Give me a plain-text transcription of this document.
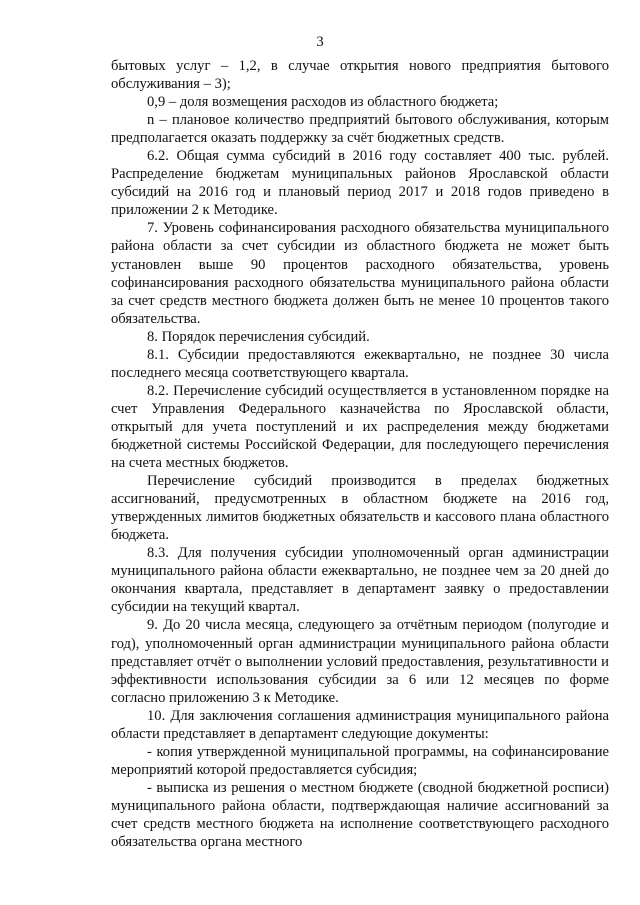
3

бытовых услуг – 1,2, в случае открытия нового предприятия бытового обслуживания – 3);

0,9 – доля возмещения расходов из областного бюджета;

n – плановое количество предприятий бытового обслуживания, которым предполагается оказать поддержку за счёт бюджетных средств.

6.2. Общая сумма субсидий в 2016 году составляет 400 тыс. рублей. Распределение бюджетам муниципальных районов Ярославской области субсидий на 2016 год и плановый период 2017 и 2018 годов приведено в приложении 2 к Методике.

7. Уровень софинансирования расходного обязательства муниципального района области за счет субсидии из областного бюджета не может быть установлен выше 90 процентов расходного обязательства, уровень софинансирования расходного обязательства муниципального района области за счет средств местного бюджета должен быть не менее 10 процентов такого обязательства.

8. Порядок перечисления субсидий.

8.1. Субсидии предоставляются ежеквартально, не позднее 30 числа последнего месяца соответствующего квартала.

8.2. Перечисление субсидий осуществляется в установленном порядке на счет Управления Федерального казначейства по Ярославской области, открытый для учета поступлений и их распределения между бюджетами бюджетной системы Российской Федерации, для последующего перечисления на счета местных бюджетов.

Перечисление субсидий производится в пределах бюджетных ассигнований, предусмотренных в областном бюджете на 2016 год, утвержденных лимитов бюджетных обязательств и кассового плана областного бюджета.

8.3. Для получения субсидии уполномоченный орган администрации муниципального района области ежеквартально, не позднее чем за 20 дней до окончания квартала, представляет в департамент заявку о предоставлении субсидии на текущий квартал.

9. До 20 числа месяца, следующего за отчётным периодом (полугодие и год), уполномоченный орган администрации муниципального района области представляет отчёт о выполнении условий предоставления, результативности и эффективности использования субсидии за 6 или 12 месяцев по форме согласно приложению 3 к Методике.

10. Для заключения соглашения администрация муниципального района области представляет в департамент следующие документы:

- копия утвержденной муниципальной программы, на софинансирование мероприятий которой предоставляется субсидия;

- выписка из решения о местном бюджете (сводной бюджетной росписи) муниципального района области, подтверждающая наличие ассигнований за счет средств местного бюджета на исполнение соответствующего расходного обязательства органа местного
